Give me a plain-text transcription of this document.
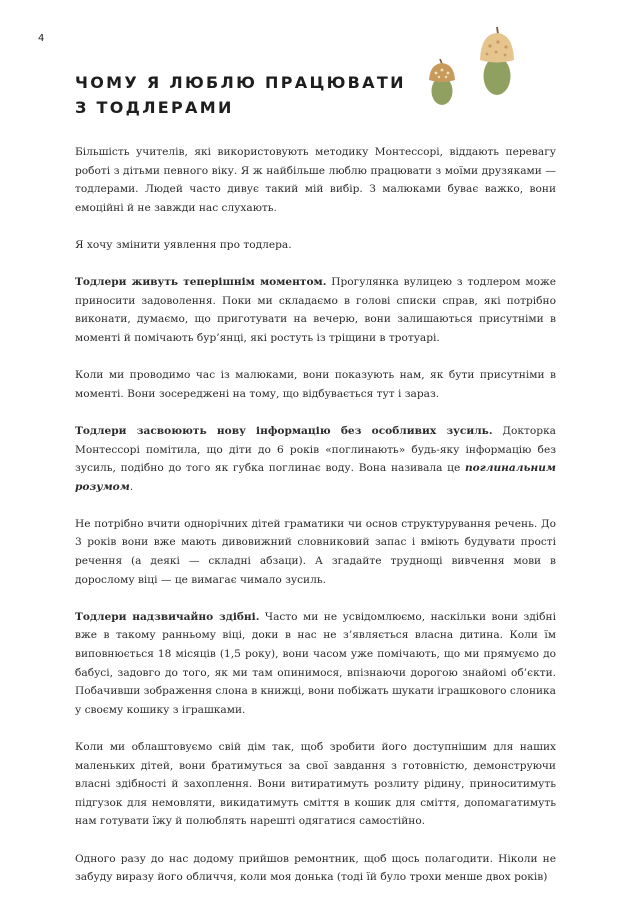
4
ЧОМУ Я ЛЮБЛЮ ПРАЦЮВАТИ
З ТОДЛЕРАМИ

Більшість учителів, які використовують методику Монтессорі, віддають перевагу роботі з дітьми певного віку. Я ж найбільше люблю працювати з моїми друзяками — тодлерами. Людей часто дивує такий мій вибір. З малюками буває важко, вони емоційні й не завжди нас слухають.

Я хочу змінити уявлення про тодлера.

Тодлери живуть теперішнім моментом. Прогулянка вулицею з тодлером може приносити задоволення. Поки ми складаємо в голові списки справ, які потрібно виконати, думаємо, що приготувати на вечерю, вони залишаються присутніми в моменті й помічають бур’янці, які ростуть із тріщини в тротуарі.

Коли ми проводимо час із малюками, вони показують нам, як бути присутніми в моменті. Вони зосереджені на тому, що відбувається тут і зараз.

Тодлери засвоюють нову інформацію без особливих зусиль. Докторка Монтессорі помітила, що діти до 6 років «поглинають» будь-яку інформацію без зусиль, подібно до того як губка поглинає воду. Вона називала це поглинальним розумом.

Не потрібно вчити однорічних дітей граматики чи основ структурування речень. До 3 років вони вже мають дивовижний словниковий запас і вміють будувати прості речення (а деякі — складні абзаци). А згадайте труднощі вивчення мови в дорослому віці — це вимагає чимало зусиль.

Тодлери надзвичайно здібні. Часто ми не усвідомлюємо, наскільки вони здібні вже в такому ранньому віці, доки в нас не з’являється власна дитина. Коли їм виповнюється 18 місяців (1,5 року), вони часом уже помічають, що ми прямуємо до бабусі, задовго до того, як ми там опинимося, впізнаючи дорогою знайомі об’єкти. Побачивши зображення слона в книжці, вони побіжать шукати іграшкового слоника у своєму кошику з іграшками.

Коли ми облаштовуємо свій дім так, щоб зробити його доступнішим для наших маленьких дітей, вони братимуться за свої завдання з готовністю, демонструючи власні здібності й захоплення. Вони витиратимуть розлиту рідину, приноситимуть підгузок для немовляти, викидатимуть сміття в кошик для сміття, допомагатимуть нам готувати їжу й полюблять нарешті одягатися самостійно.

Одного разу до нас додому прийшов ремонтник, щоб щось полагодити. Ніколи не забуду виразу його обличчя, коли моя донька (тоді їй було трохи менше двох років)
